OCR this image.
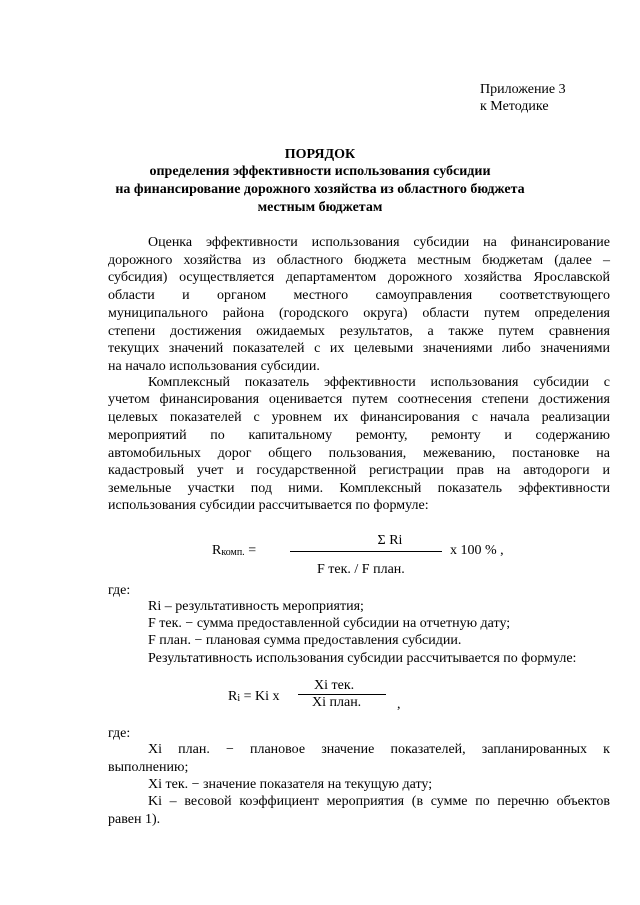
Приложение 3
к Методике
ПОРЯДОК
определения эффективности использования субсидии
на финансирование дорожного хозяйства из областного бюджета
местным бюджетам
Оценка эффективности использования субсидии на финансирование
дорожного хозяйства из областного бюджета местным бюджетам (далее –
субсидия) осуществляется департаментом дорожного хозяйства Ярославской
области и органом местного самоуправления соответствующего
муниципального района (городского округа) области путем определения
степени достижения ожидаемых результатов, а также путем сравнения
текущих значений показателей с их целевыми значениями либо значениями
на начало использования субсидии.
Комплексный показатель эффективности использования субсидии с
учетом финансирования оценивается путем соотнесения степени достижения
целевых показателей с уровнем их финансирования с начала реализации
мероприятий по капитальному ремонту, ремонту и содержанию
автомобильных дорог общего пользования, межеванию, постановке на
кадастровый учет и государственной регистрации прав на автодороги и
земельные участки под ними. Комплексный показатель эффективности
использования субсидии рассчитывается по формуле:
$R_{комп.}$ =
Σ Ri
F тек. / F план.
x 100 % ,
где:
Ri – результативность мероприятия;
F тек. − сумма предоставленной субсидии на отчетную дату;
F план. − плановая сумма предоставления субсидии.
Результативность использования субсидии рассчитывается по формуле:
$R_i = Ki$ x
Xi тек.
Xi план.	,
где:
Xi план. − плановое значение показателей, запланированных к
выполнению;
Xi тек. − значение показателя на текущую дату;
Ki – весовой коэффициент мероприятия (в сумме по перечню объектов
равен 1).
